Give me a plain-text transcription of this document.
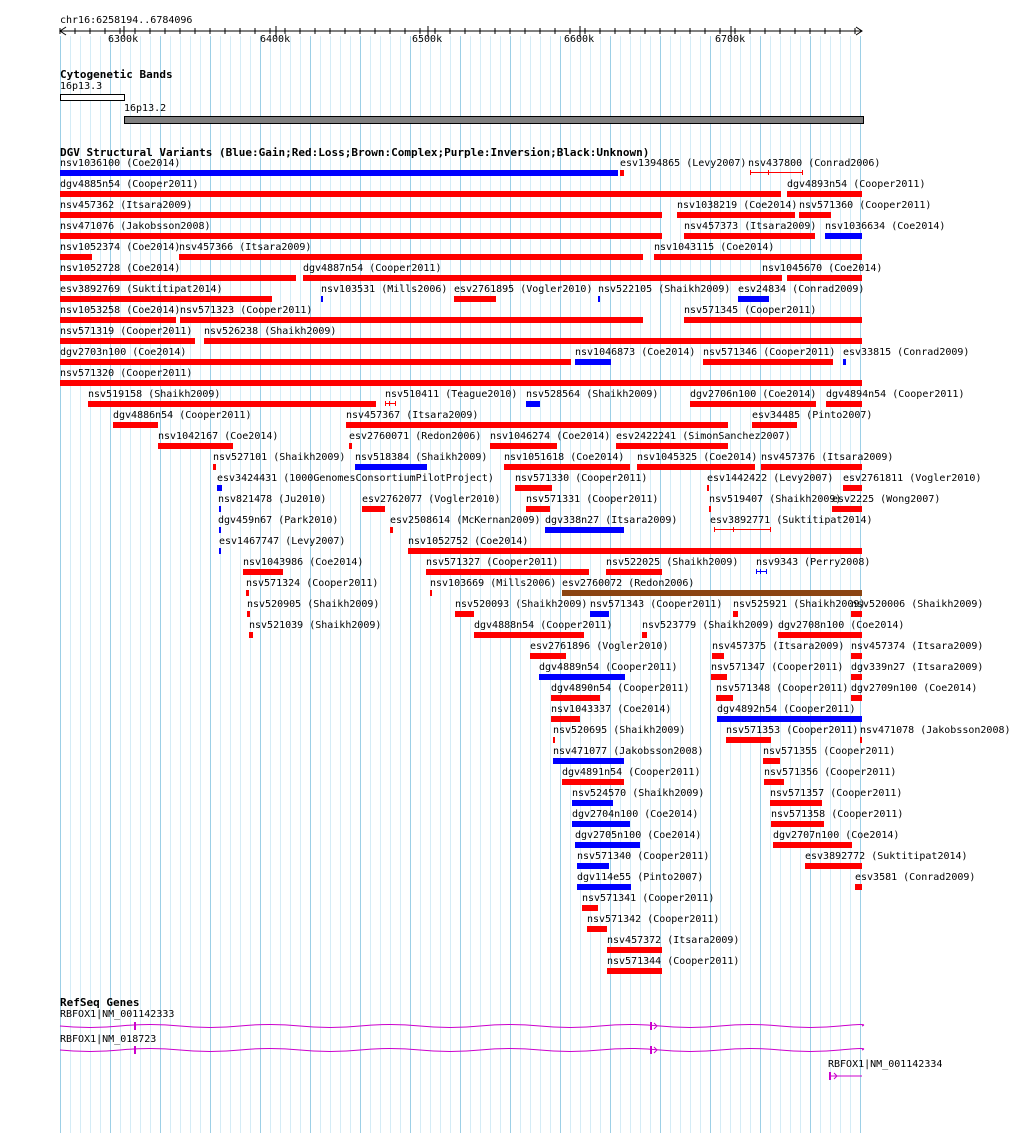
chr16:6258194..6784096
6300k	6400k	6500k	6600k	6700k
Cytogenetic Bands
16p13.3
16p13.2
DGV Structural Variants (Blue:Gain;Red:Loss;Brown:Complex;Purple:Inversion;Black:Unknown)
nsv1036100 (Coe2014)	esv1394865 (Levy2007) nsv437800 (Conrad2006)
dgv4885n54 (Cooper2011)	dgv4893n54 (Cooper2011)
nsv457362 (Itsara2009)	nsv1038219 (Coe2014) nsv571360 (Cooper2011)
nsv471076 (Jakobsson2008)	nsv457373 (Itsara2009) nsv1036634 (Coe2014)
nsv1052374 (Coe2014)
nsv457366 (Itsara2009)	nsv1043115 (Coe2014)
nsv1052728 (Coe2014)	dgv4887n54 (Cooper2011)	nsv1045670 (Coe2014)
esv3892769 (Suktitipat2014)	nsv103531 (Mills2006) esv2761895 (Vogler2010) nsv522105 (Shaikh2009) esv24834 (Conrad2009)
nsv1053258 (Coe2014) nsv571323 (Cooper2011)	nsv571345 (Cooper2011)
nsv571319 (Cooper2011) nsv526238 (Shaikh2009)
dgv2703n100 (Coe2014)	nsv1046873 (Coe2014) nsv571346 (Cooper2011) esv33815 (Conrad2009)
nsv571320 (Cooper2011)
nsv519158 (Shaikh2009)	nsv510411 (Teague2010) nsv528564 (Shaikh2009)	dgv2706n100 (Coe2014) dgv4894n54 (Cooper2011)
dgv4886n54 (Cooper2011)	nsv457367 (Itsara2009)	esv34485 (Pinto2007)
nsv1042167 (Coe2014)	esv2760071 (Redon2006) nsv1046274 (Coe2014) esv2422241 (SimonSanchez2007)
nsv527101 (Shaikh2009) nsv518384 (Shaikh2009) nsv1051618 (Coe2014) nsv1045325 (Coe2014) nsv457376 (Itsara2009)
esv3424431 (1000GenomesConsortiumPilotProject) nsv571330 (Cooper2011)	esv1442422 (Levy2007) esv2761811 (Vogler2010)
nsv821478 (Ju2010)	esv2762077 (Vogler2010)	nsv571331 (Cooper2011)	nsv519407 (Shaikh2009)
esv2225 (Wong2007)
dgv459n67 (Park2010)	esv2508614 (McKernan2009) dgv338n27 (Itsara2009)	esv3892771 (Suktitipat2014)
esv1467747 (Levy2007)	nsv1052752 (Coe2014)
nsv1043986 (Coe2014)	nsv571327 (Cooper2011)	nsv522025 (Shaikh2009) nsv9343 (Perry2008)
nsv571324 (Cooper2011)	nsv103669 (Mills2006) esv2760072 (Redon2006)
nsv520905 (Shaikh2009)	nsv520093 (Shaikh2009) nsv571343 (Cooper2011) nsv525921 (Shaikh2009)
nsv520006 (Shaikh2009)
nsv521039 (Shaikh2009)	dgv4888n54 (Cooper2011)	nsv523779 (Shaikh2009) dgv2708n100 (Coe2014)
esv2761896 (Vogler2010)	nsv457375 (Itsara2009) nsv457374 (Itsara2009)
dgv4889n54 (Cooper2011)	nsv571347 (Cooper2011) dgv339n27 (Itsara2009)
dgv4890n54 (Cooper2011)	nsv571348 (Cooper2011) dgv2709n100 (Coe2014)
nsv1043337 (Coe2014)	dgv4892n54 (Cooper2011)
nsv520695 (Shaikh2009)	nsv571353 (Cooper2011) nsv471078 (Jakobsson2008)
nsv471077 (Jakobsson2008)	nsv571355 (Cooper2011)
dgv4891n54 (Cooper2011)	nsv571356 (Cooper2011)
nsv524570 (Shaikh2009)	nsv571357 (Cooper2011)
dgv2704n100 (Coe2014)	nsv571358 (Cooper2011)
dgv2705n100 (Coe2014)	dgv2707n100 (Coe2014)
nsv571340 (Cooper2011)	esv3892772 (Suktitipat2014)
dgv114e55 (Pinto2007)	esv3581 (Conrad2009)
nsv571341 (Cooper2011)
nsv571342 (Cooper2011)
nsv457372 (Itsara2009)
nsv571344 (Cooper2011)
RefSeq Genes
RBFOX1|NM_001142333
RBFOX1|NM_018723
RBFOX1|NM_001142334
